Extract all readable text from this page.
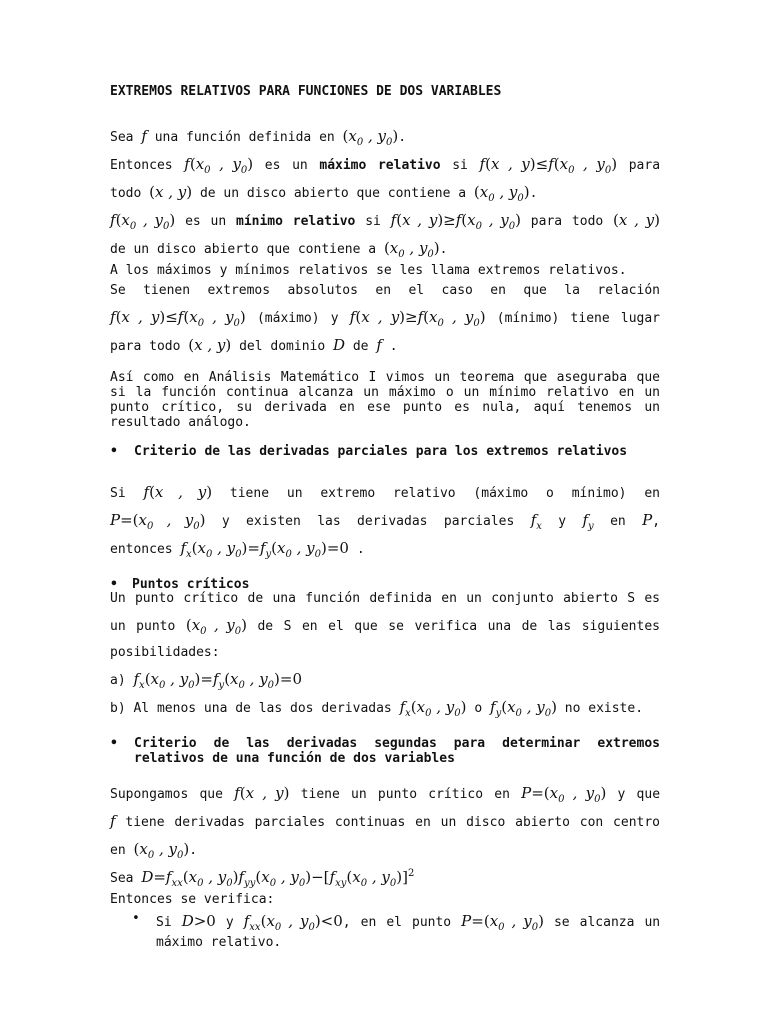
EXTREMOS RELATIVOS PARA FUNCIONES DE DOS VARIABLES

Sea f una función definida en ($x_0$ , $y_0$).

Entonces $f(x_0$ , $y_0$) es un máximo relativo si f(x , $y)\le f(x_0$ , $y_0$) para

todo (x , y) de un disco abierto que contiene a ($x_0$ , $y_0$).

$f(x_0$ , $y_0$) es un mínimo relativo si f(x , $y)\ge f(x_0$ , $y_0$) para todo (x , y)

de un disco abierto que contiene a ($x_0$ , $y_0$).

A los máximos y mínimos relativos se les llama extremos relativos.

Se tienen extremos absolutos en el caso en que la relación

f(x , $y)\le f(x_0$ , $y_0$) (máximo) y f(x , $y)\ge f(x_0$ , $y_0$) (mínimo) tiene lugar

para todo (x , y) del dominio D de f .

Así como en Análisis Matemático I vimos un teorema que aseguraba que si la función continua alcanza un máximo o un mínimo relativo en un punto crítico, su derivada en ese punto es nula, aquí tenemos un resultado análogo.

•	Criterio de las derivadas parciales para los extremos relativos

Si f(x , y) tiene un extremo relativo (máximo o mínimo) en

$P=(x_0$ , $y_0$) y existen las derivadas parciales $f_x$ y $f_y$ en P,

entonces $f_x(x_0$ , $y_0)=f_y(x_0$ , $y_0)=0$ .

•	Puntos críticos

Un punto crítico de una función definida en un conjunto abierto S es un punto ($x_0$ , $y_0$) de S en el que se verifica una de las siguientes posibilidades:

a) $f_x(x_0$ , $y_0)=f_y(x_0$ , $y_0)=0$

b) Al menos una de las dos derivadas $f_x(x_0$ , $y_0$) o $f_y(x_0$ , $y_0$) no existe.

•	Criterio de las derivadas segundas para determinar extremos relativos de una función de dos variables

Supongamos que f(x , y) tiene un punto crítico en $P=(x_0$ , $y_0$) y que

f tiene derivadas parciales continuas en un disco abierto con centro en ($x_0$ , $y_0$).

Sea $D=f_{xx}(x_0$ , $y_0)f_{yy}(x_0$ , $y_0)-[f_{xy}(x_0$ , $y_0)]^2$

Entonces se verifica:

•	Si D>0 y $f_{xx}(x_0$ , $y_0)<0$, en el punto $P=(x_0$ , $y_0$) se alcanza un máximo relativo.
